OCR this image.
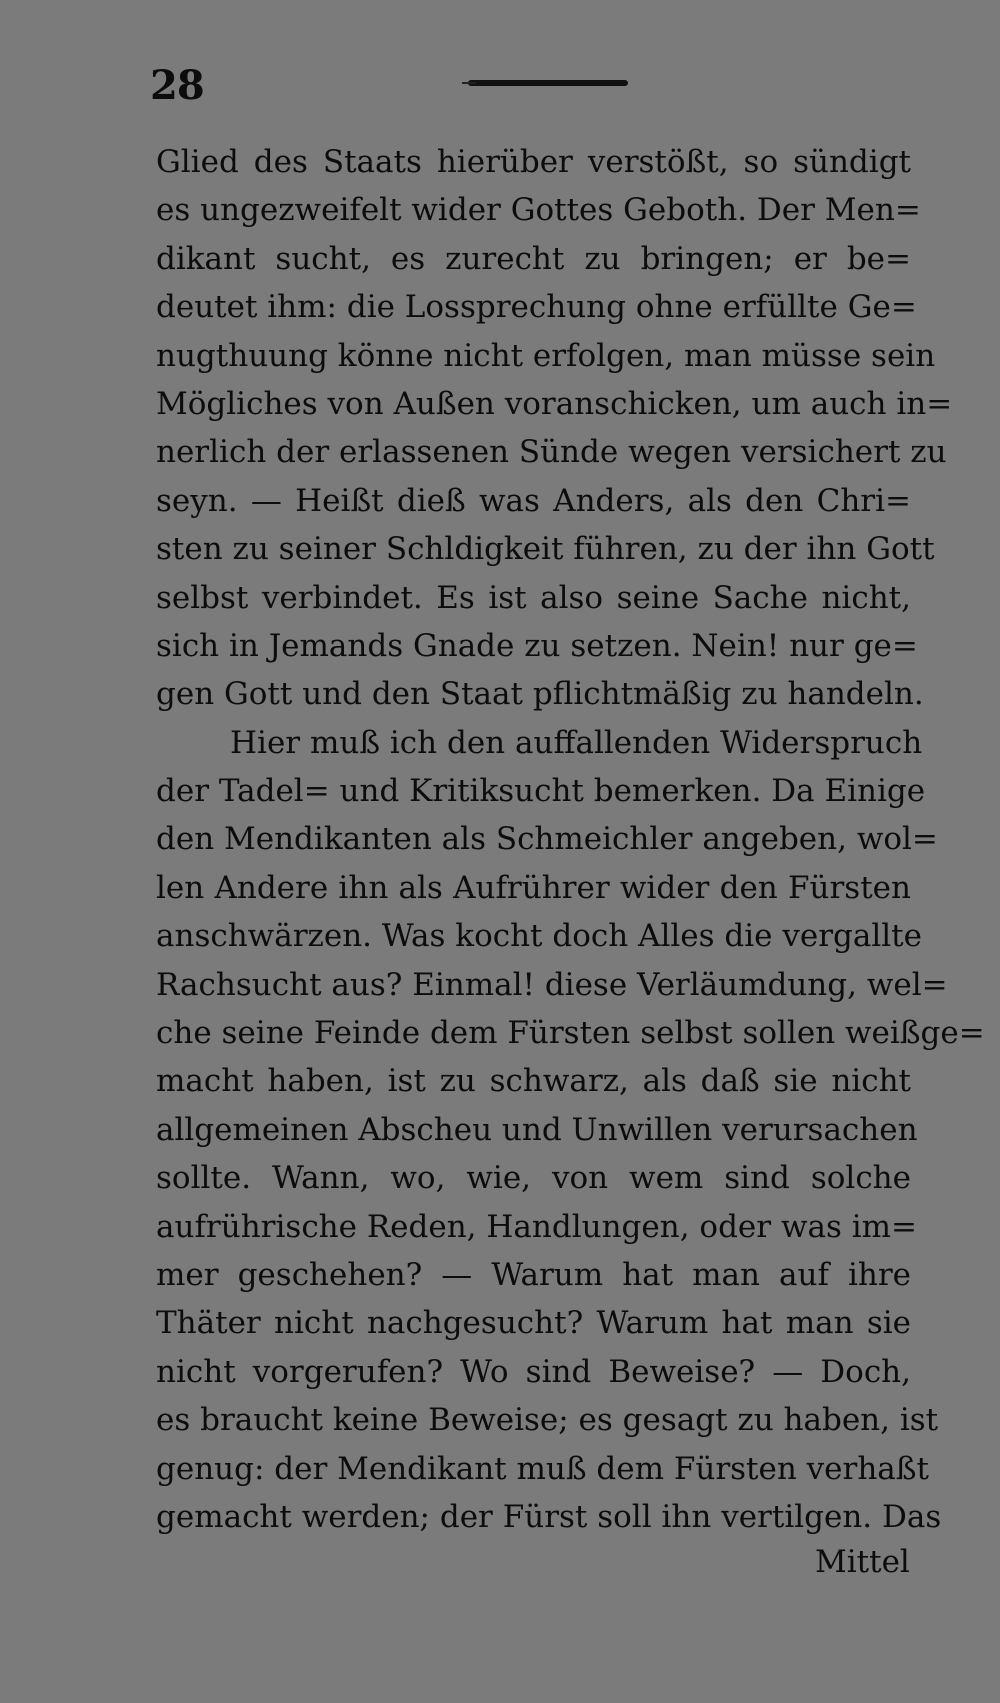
28
Glied des Staats hierüber verstößt, so sündigt
es ungezweifelt wider Gottes Geboth. Der Men=
dikant sucht, es zurecht zu bringen; er be=
deutet ihm: die Lossprechung ohne erfüllte Ge=
nugthuung könne nicht erfolgen, man müsse sein
Mögliches von Außen voranschicken, um auch in=
nerlich der erlassenen Sünde wegen versichert zu
seyn. — Heißt dieß was Anders, als den Chri=
sten zu seiner Schldigkeit führen, zu der ihn Gott
selbst verbindet. Es ist also seine Sache nicht,
sich in Jemands Gnade zu setzen. Nein! nur ge=
gen Gott und den Staat pflichtmäßig zu handeln.
Hier muß ich den auffallenden Widerspruch
der Tadel= und Kritiksucht bemerken. Da Einige
den Mendikanten als Schmeichler angeben, wol=
len Andere ihn als Aufrührer wider den Fürsten
anschwärzen. Was kocht doch Alles die vergallte
Rachsucht aus? Einmal! diese Verläumdung, wel=
che seine Feinde dem Fürsten selbst sollen weißge=
macht haben, ist zu schwarz, als daß sie nicht
allgemeinen Abscheu und Unwillen verursachen
sollte. Wann, wo, wie, von wem sind solche
aufrührische Reden, Handlungen, oder was im=
mer geschehen? — Warum hat man auf ihre
Thäter nicht nachgesucht? Warum hat man sie
nicht vorgerufen? Wo sind Beweise? — Doch,
es braucht keine Beweise; es gesagt zu haben, ist
genug: der Mendikant muß dem Fürsten verhaßt
gemacht werden; der Fürst soll ihn vertilgen. Das
Mittel
